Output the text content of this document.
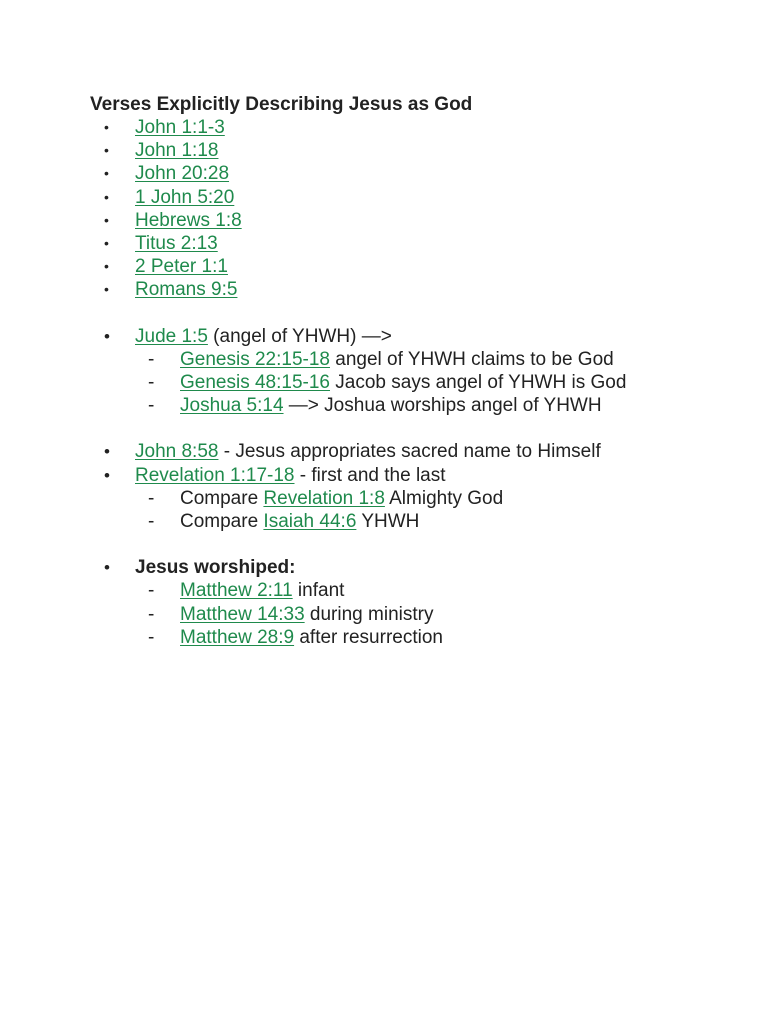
Verses Explicitly Describing Jesus as God
• John 1:1-3
• John 1:18
• John 20:28
• 1 John 5:20
• Hebrews 1:8
• Titus 2:13
• 2 Peter 1:1
• Romans 9:5
• Jude 1:5 (angel of YHWH) —>
- Genesis 22:15-18 angel of YHWH claims to be God
- Genesis 48:15-16 Jacob says angel of YHWH is God
- Joshua 5:14 —> Joshua worships angel of YHWH
• John 8:58 - Jesus appropriates sacred name to Himself
• Revelation 1:17-18 - first and the last
- Compare Revelation 1:8 Almighty God
- Compare Isaiah 44:6 YHWH
• Jesus worshiped:
- Matthew 2:11 infant
- Matthew 14:33 during ministry
- Matthew 28:9 after resurrection
